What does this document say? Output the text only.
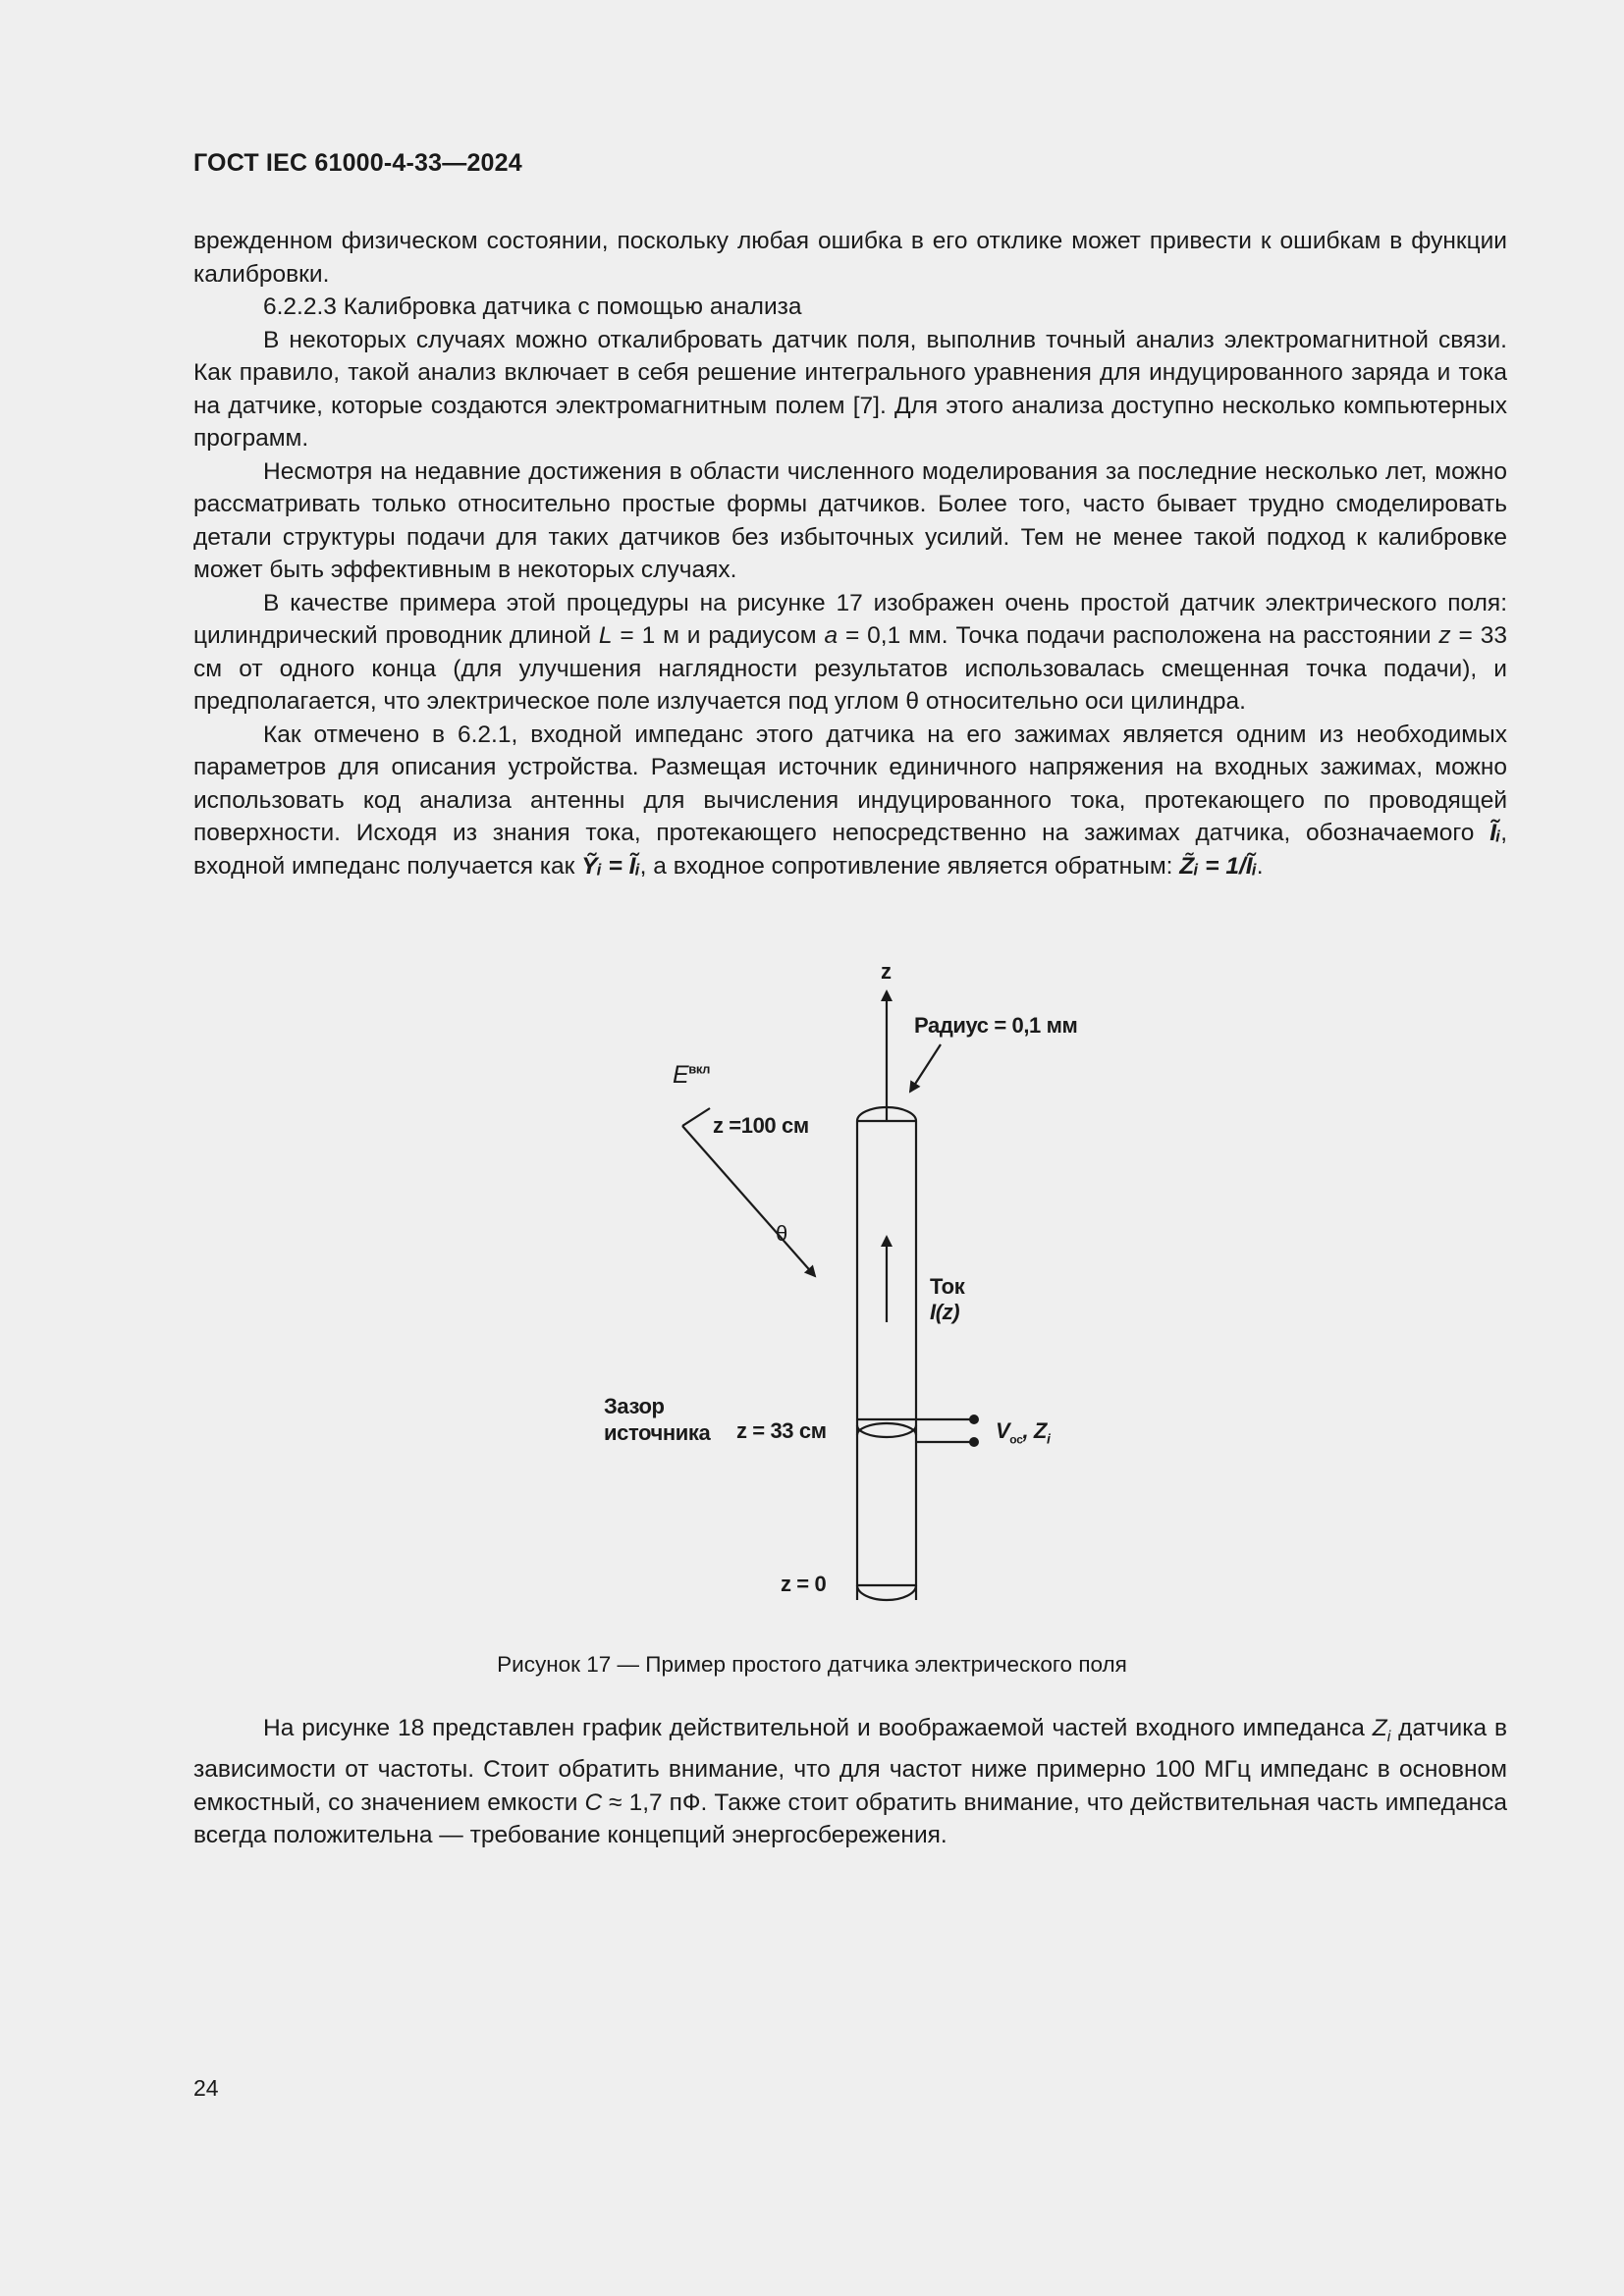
ГОСТ IEC 61000-4-33—2024

врежденном физическом состоянии, поскольку любая ошибка в его отклике может привести к ошибкам в функции калибровки.

6.2.2.3 Калибровка датчика с помощью анализа

В некоторых случаях можно откалибровать датчик поля, выполнив точный анализ электромагнитной связи. Как правило, такой анализ включает в себя решение интегрального уравнения для индуцированного заряда и тока на датчике, которые создаются электромагнитным полем [7]. Для этого анализа доступно несколько компьютерных программ.

Несмотря на недавние достижения в области численного моделирования за последние несколько лет, можно рассматривать только относительно простые формы датчиков. Более того, часто бывает трудно смоделировать детали структуры подачи для таких датчиков без избыточных усилий. Тем не менее такой подход к калибровке может быть эффективным в некоторых случаях.

В качестве примера этой процедуры на рисунке 17 изображен очень простой датчик электрического поля: цилиндрический проводник длиной L = 1 м и радиусом a = 0,1 мм. Точка подачи расположена на расстоянии z = 33 см от одного конца (для улучшения наглядности результатов использовалась смещенная точка подачи), и предполагается, что электрическое поле излучается под углом θ относительно оси цилиндра.

Как отмечено в 6.2.1, входной импеданс этого датчика на его зажимах является одним из необходимых параметров для описания устройства. Размещая источник единичного напряжения на входных зажимах, можно использовать код анализа антенны для вычисления индуцированного тока, протекающего по проводящей поверхности. Исходя из знания тока, протекающего непосредственно на зажимах датчика, обозначаемого Ĩᵢ, входной импеданс получается как Ỹᵢ = Ĩᵢ, а входное сопротивление является обратным: Z̃ᵢ = 1/Ĩᵢ.

z
Радиус = 0,1 мм
$E^{вкл}$
z =100 см
θ
Ток
I(z)
Зазор
источника z = 33 см	$V_{oc}$, $Z_i$
z = 0
Рисунок 17 — Пример простого датчика электрического поля

На рисунке 18 представлен график действительной и воображаемой частей входного импеданса $Z_i$ датчика в зависимости от частоты. Стоит обратить внимание, что для частот ниже примерно 100 МГц импеданс в основном емкостный, со значением емкости C ≈ 1,7 пФ. Также стоит обратить внимание, что действительная часть импеданса всегда положительна — требование концепций энергосбережения.

24
